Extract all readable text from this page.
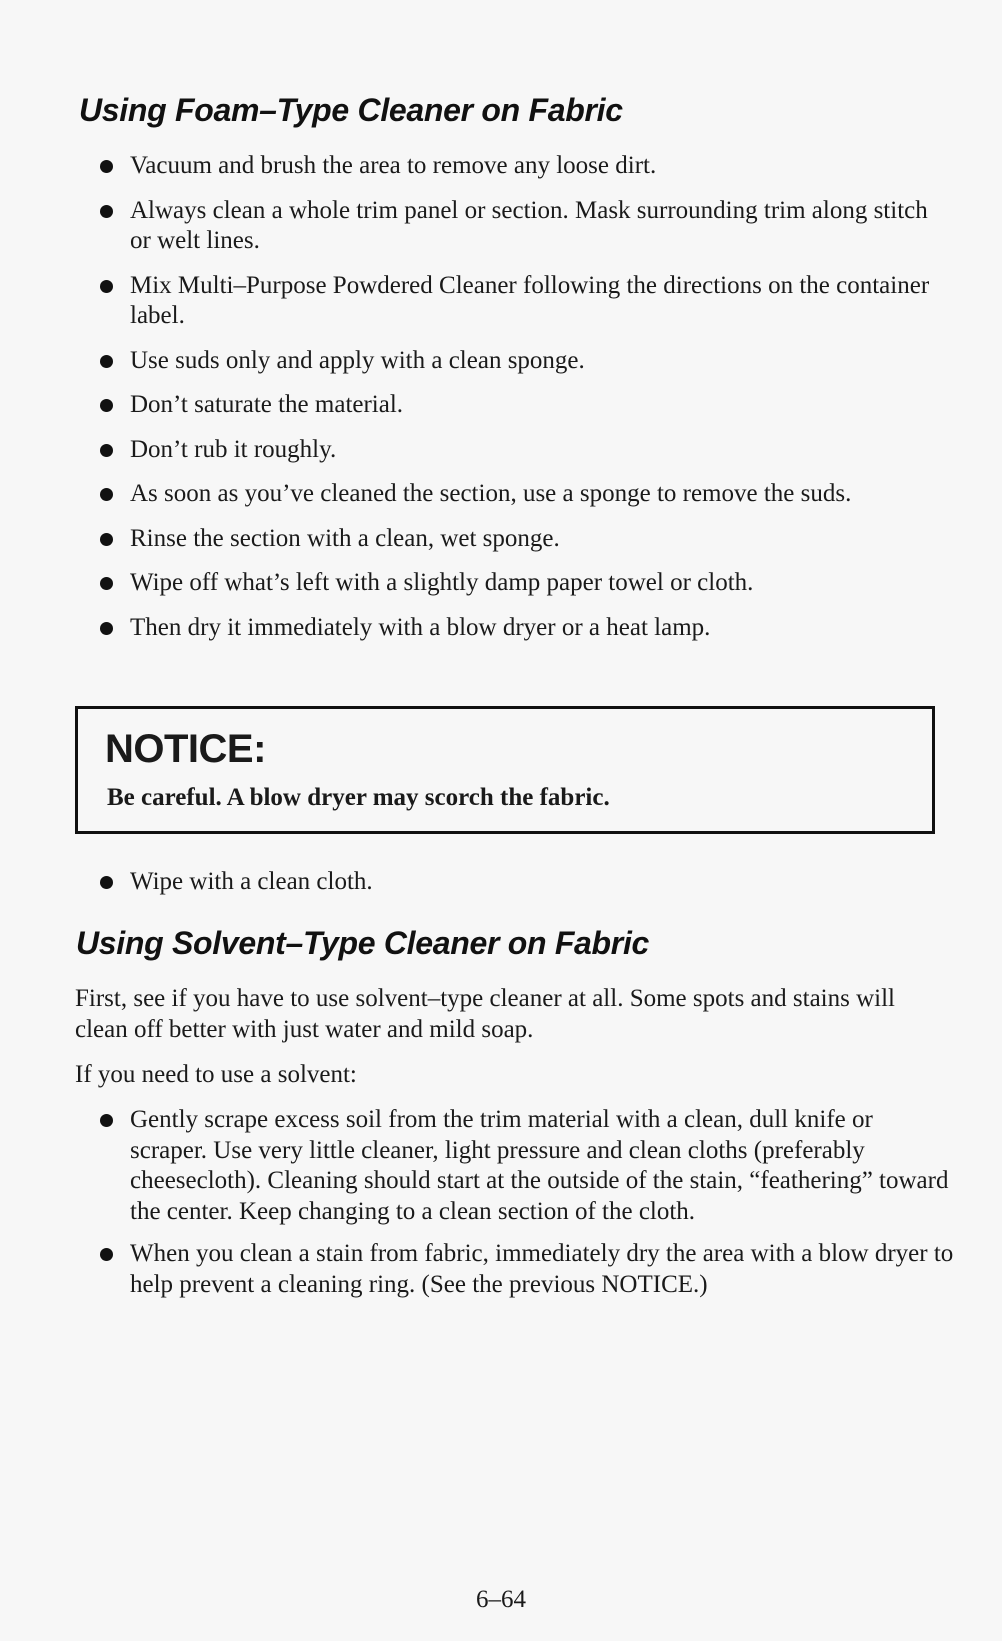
Using Foam–Type Cleaner on Fabric
Vacuum and brush the area to remove any loose dirt.
Always clean a whole trim panel or section. Mask surrounding trim along stitch or welt lines.
Mix Multi–Purpose Powdered Cleaner following the directions on the container label.
Use suds only and apply with a clean sponge.
Don’t saturate the material.
Don’t rub it roughly.
As soon as you’ve cleaned the section, use a sponge to remove the suds.
Rinse the section with a clean, wet sponge.
Wipe off what’s left with a slightly damp paper towel or cloth.
Then dry it immediately with a blow dryer or a heat lamp.
NOTICE:

Be careful. A blow dryer may scorch the fabric.

Wipe with a clean cloth.
Using Solvent–Type Cleaner on Fabric

First, see if you have to use solvent–type cleaner at all. Some spots and stains will clean off better with just water and mild soap.

If you need to use a solvent:

Gently scrape excess soil from the trim material with a clean, dull knife or scraper. Use very little cleaner, light pressure and clean cloths (preferably cheesecloth). Cleaning should start at the outside of the stain, “feathering” toward the center. Keep changing to a clean section of the cloth.
When you clean a stain from fabric, immediately dry the area with a blow dryer to help prevent a cleaning ring. (See the previous NOTICE.)

6–64
